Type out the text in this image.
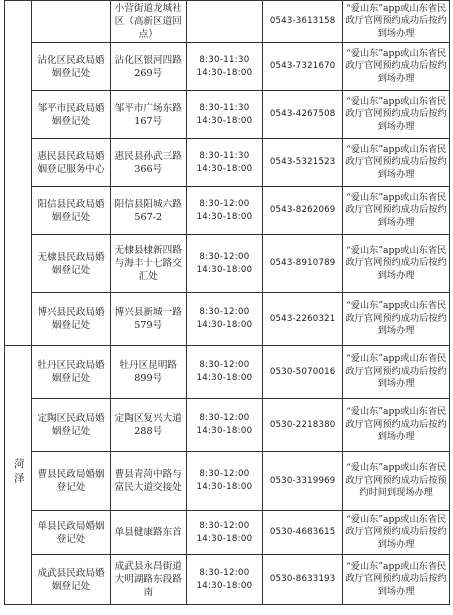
		小营街道龙城社区（高新区道回点）		0543-3613158	“爱山东”app或山东省民政厅官网预约成功后按约到场办理
	沾化区民政局婚姻登记处	沾化区银河四路269号	8:30-11:30
14:30-18:00	0543-7321670	“爱山东”app或山东省民政厅官网预约成功后按约到场办理
	邹平市民政局婚姻登记处	邹平市广场东路167号	8:30-11:30
14:30-18:00	0543-4267508	“爱山东”app或山东省民政厅官网预约成功后按约到场办理
	惠民县民政局婚姻登记服务中心	惠民县孙武三路366号	8:30-11:30
14:30-18:00	0543-5321523	“爱山东”app或山东省民政厅官网预约成功后按约到场办理
	阳信县民政局婚姻登记处	阳信县阳城六路567-2	8:30-12:00
14:30-18:00	0543-8262069	“爱山东”app或山东省民政厅官网预约成功后按约到场办理
	无棣县民政局婚姻登记处	无棣县棣新四路与海丰十七路交汇处	8:30-12:00
14:30-18:00	0543-8910789	“爱山东”app或山东省民政厅官网预约成功后按约到场办理
	博兴县民政局婚姻登记处	博兴县新城一路579号	8:30-12:00
14:30-18:00	0543-2260321	“爱山东”app或山东省民政厅官网预约成功后按约到场办理
菏泽	牡丹区民政局婚姻登记处	牡丹区昆明路899号	8:30-12:00
14:30-18:00	0530-5070016	“爱山东”app或山东省民政厅官网预约成功后按约到场办理
	定陶区民政局婚姻登记处	定陶区复兴大道288号	8:30-12:00
14:30-18:00	0530-2218380	“爱山东”app或山东省民政厅官网预约成功后按约到场办理
	曹县民政局婚姻登记处	曹县青菏中路与富民大道交接处	8:30-12:00
14:30-18:00	0530-3319969	“爱山东”app或山东省民政厅官网预约成功后按预约时间到现场办理
	单县民政局婚姻登记处	单县健康路东首	8:30-12:00
14:30-18:00	0530-4683615	“爱山东”app或山东省民政厅官网预约成功后按约到场办理
	成武县民政局婚姻登记处	成武县永昌街道大明湖路东段路南	8:30-12:00
14:30-18:00	0530-8633193	“爱山东”app或山东省民政厅官网预约成功后按约到场办理
